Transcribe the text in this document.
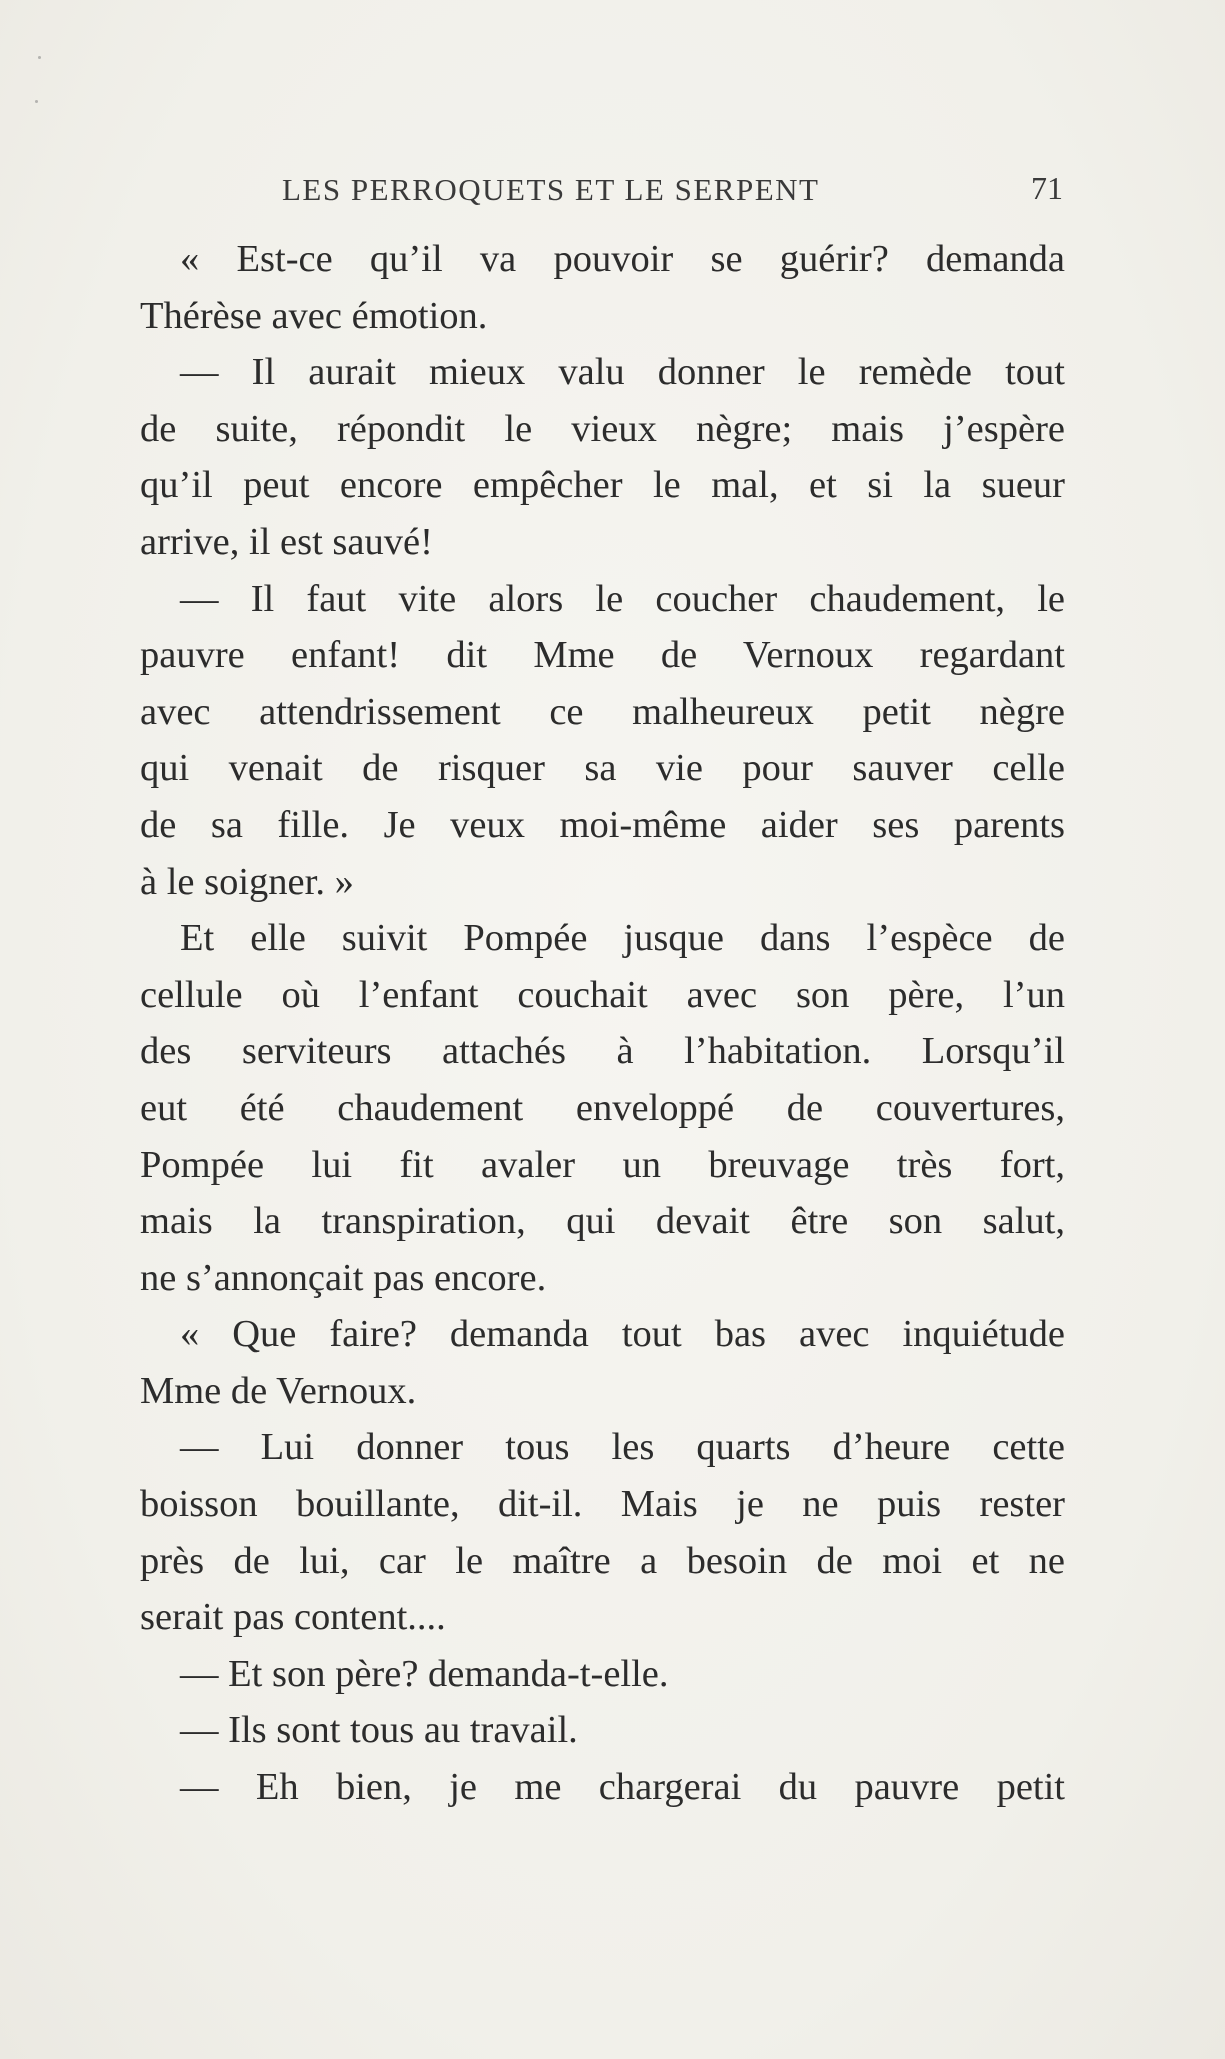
LES PERROQUETS ET LE SERPENT	71
« Est-ce qu’il va pouvoir se guérir? demanda
Thérèse avec émotion.
— Il aurait mieux valu donner le remède tout
de suite, répondit le vieux nègre; mais j’espère
qu’il peut encore empêcher le mal, et si la sueur
arrive, il est sauvé!
— Il faut vite alors le coucher chaudement, le
pauvre enfant! dit Mme de Vernoux regardant
avec attendrissement ce malheureux petit nègre
qui venait de risquer sa vie pour sauver celle
de sa fille. Je veux moi-même aider ses parents
à le soigner. »
Et elle suivit Pompée jusque dans l’espèce de
cellule où l’enfant couchait avec son père, l’un
des serviteurs attachés à l’habitation. Lorsqu’il
eut été chaudement enveloppé de couvertures,
Pompée lui fit avaler un breuvage très fort,
mais la transpiration, qui devait être son salut,
ne s’annonçait pas encore.
« Que faire? demanda tout bas avec inquiétude
Mme de Vernoux.
— Lui donner tous les quarts d’heure cette
boisson bouillante, dit-il. Mais je ne puis rester
près de lui, car le maître a besoin de moi et ne
serait pas content....
— Et son père? demanda-t-elle.
— Ils sont tous au travail.
— Eh bien, je me chargerai du pauvre petit
